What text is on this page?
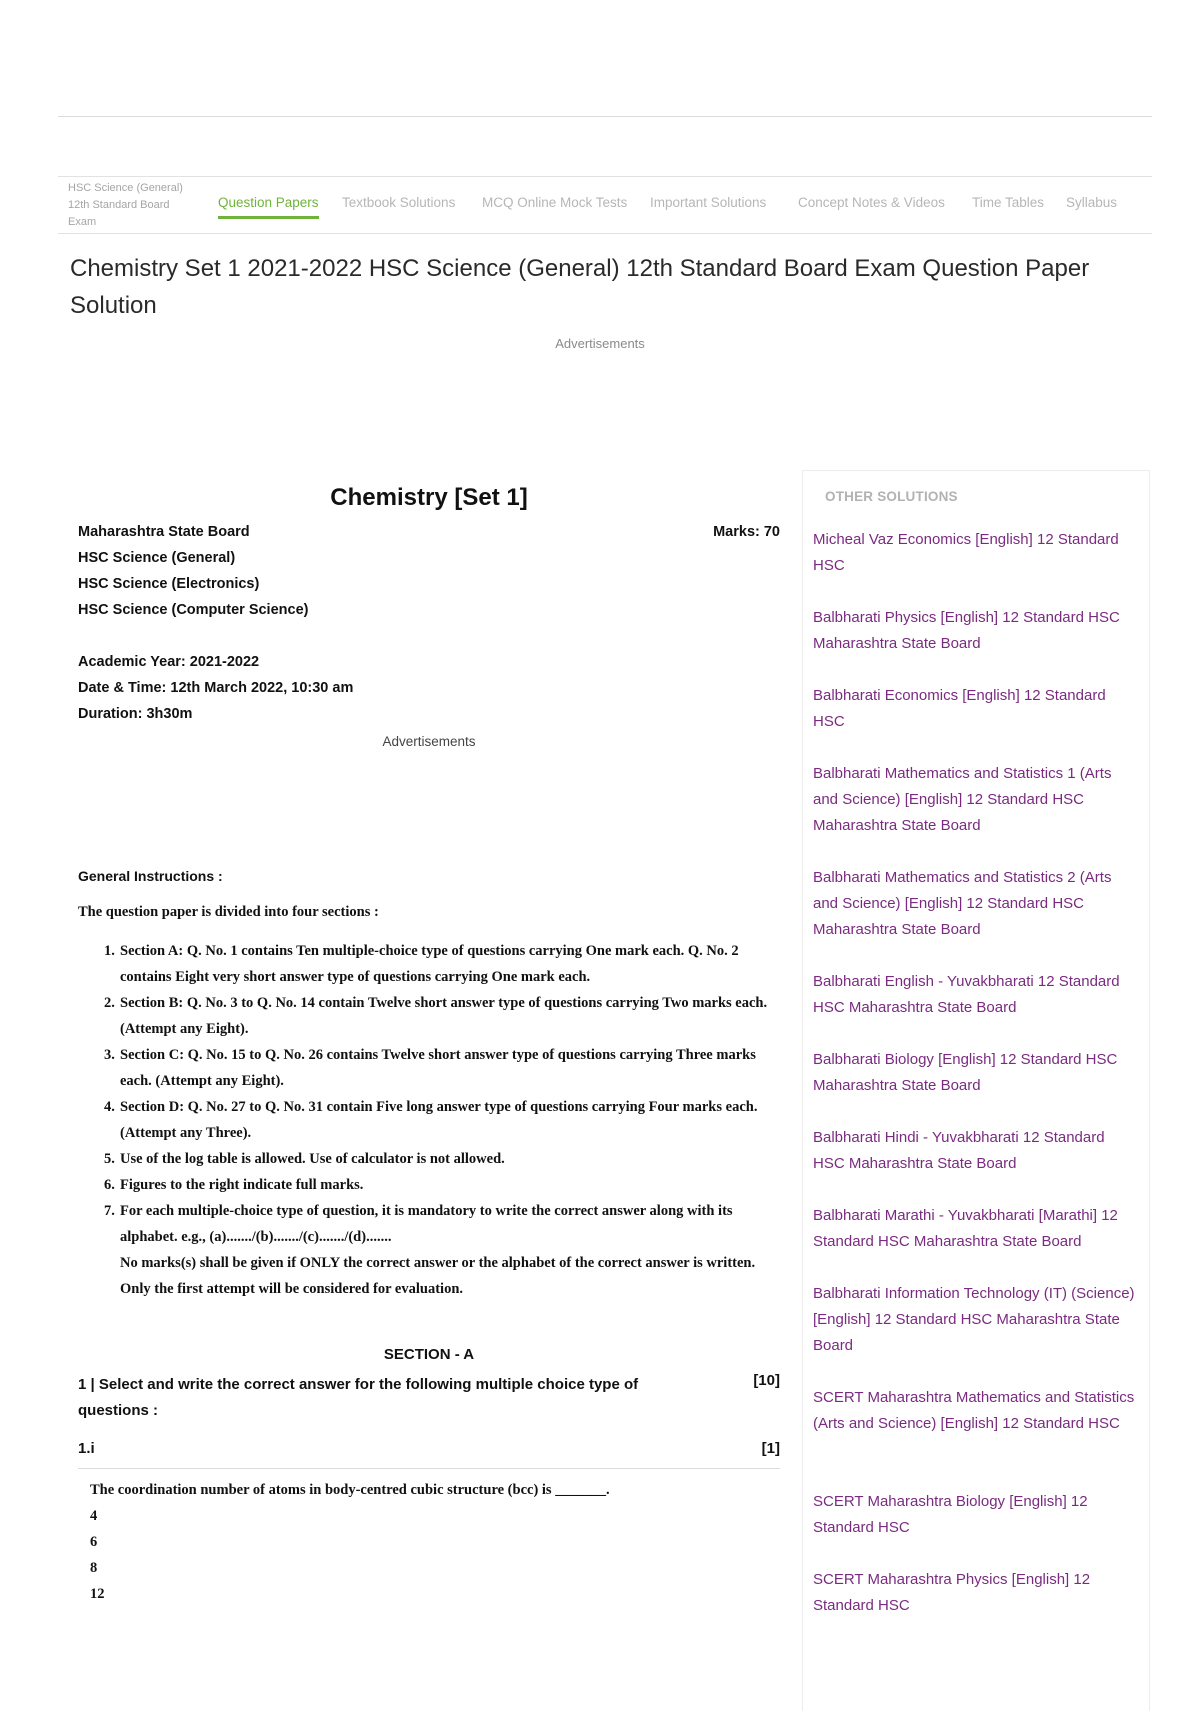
HSC Science (General) 12th Standard Board Exam
Question Papers Textbook Solutions MCQ Online Mock Tests Important Solutions Concept Notes & Videos Time Tables Syllabus
Chemistry Set 1 2021-2022 HSC Science (General) 12th Standard Board Exam Question Paper Solution
Advertisements
Chemistry [Set 1]
Maharashtra State Board	Marks: 70
HSC Science (General)
HSC Science (Electronics)
HSC Science (Computer Science)
Academic Year: 2021-2022
Date & Time: 12th March 2022, 10:30 am
Duration: 3h30m
Advertisements
General Instructions :
The question paper is divided into four sections :
1. Section A: Q. No. 1 contains Ten multiple-choice type of questions carrying One mark each. Q. No. 2 contains Eight very short answer type of questions carrying One mark each.
2. Section B: Q. No. 3 to Q. No. 14 contain Twelve short answer type of questions carrying Two marks each. (Attempt any Eight).
3. Section C: Q. No. 15 to Q. No. 26 contains Twelve short answer type of questions carrying Three marks each. (Attempt any Eight).
4. Section D: Q. No. 27 to Q. No. 31 contain Five long answer type of questions carrying Four marks each. (Attempt any Three).
5. Use of the log table is allowed. Use of calculator is not allowed.
6. Figures to the right indicate full marks.
7. For each multiple-choice type of question, it is mandatory to write the correct answer along with its alphabet. e.g., (a)......./(b)......./(c)......./(d).......
No marks(s) shall be given if ONLY the correct answer or the alphabet of the correct answer is written. Only the first attempt will be considered for evaluation.
SECTION - A
1 | Select and write the correct answer for the following multiple choice type of questions :
[10]
1.i	[1]
The coordination number of atoms in body-centred cubic structure (bcc) is _______.
4
6
8
12
OTHER SOLUTIONS
Micheal Vaz Economics [English] 12 Standard HSC
Balbharati Physics [English] 12 Standard HSC Maharashtra State Board
Balbharati Economics [English] 12 Standard HSC
Balbharati Mathematics and Statistics 1 (Arts and Science) [English] 12 Standard HSC Maharashtra State Board
Balbharati Mathematics and Statistics 2 (Arts and Science) [English] 12 Standard HSC Maharashtra State Board
Balbharati English - Yuvakbharati 12 Standard HSC Maharashtra State Board
Balbharati Biology [English] 12 Standard HSC Maharashtra State Board
Balbharati Hindi - Yuvakbharati 12 Standard HSC Maharashtra State Board
Balbharati Marathi - Yuvakbharati [Marathi] 12 Standard HSC Maharashtra State Board
Balbharati Information Technology (IT) (Science) [English] 12 Standard HSC Maharashtra State Board
SCERT Maharashtra Mathematics and Statistics (Arts and Science) [English] 12 Standard HSC
SCERT Maharashtra Biology [English] 12 Standard HSC
SCERT Maharashtra Physics [English] 12 Standard HSC
